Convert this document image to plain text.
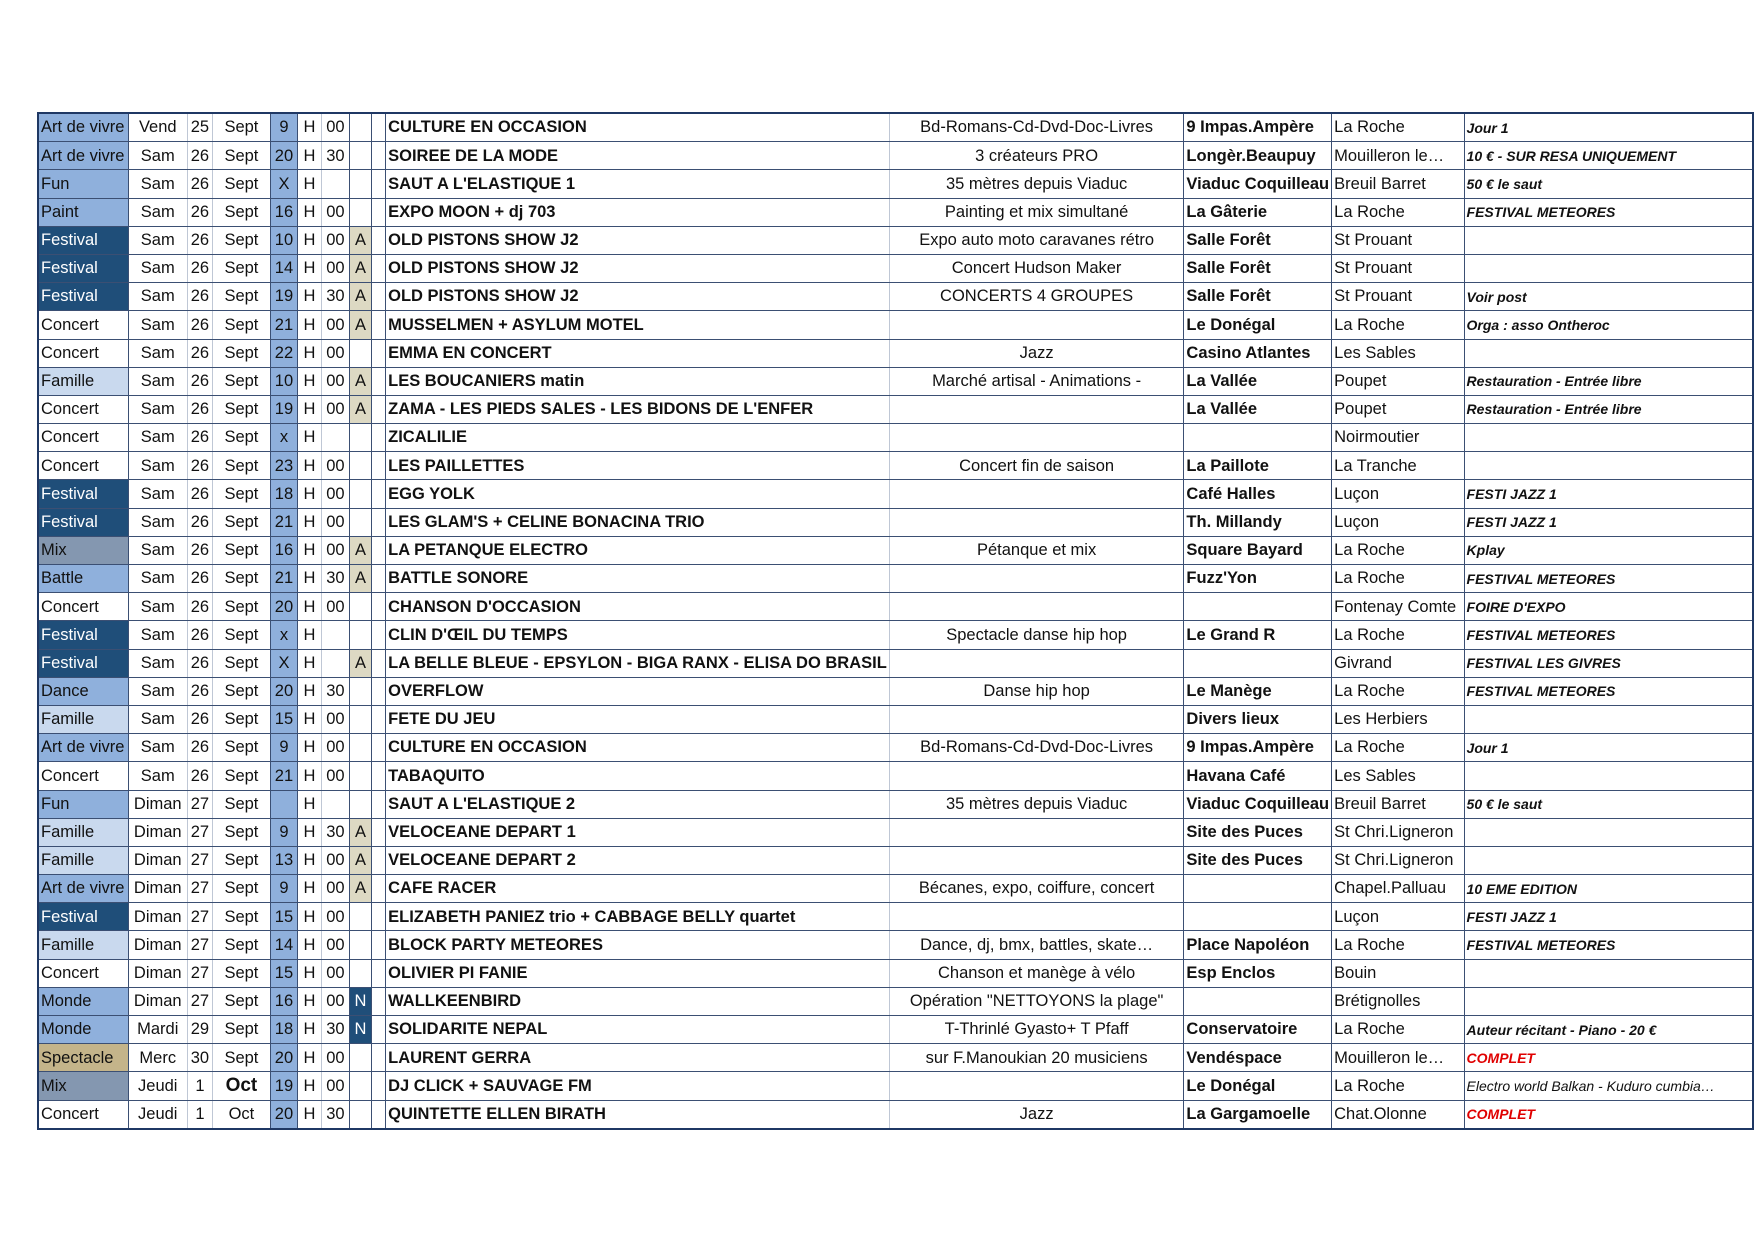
Art de vivre	Vend	25	Sept	9	H	00			CULTURE EN OCCASION	Bd-Romans-Cd-Dvd-Doc-Livres	9 Impas.Ampère	La Roche	Jour 1
Art de vivre	Sam	26	Sept	20	H	30			SOIREE DE LA MODE	3 créateurs PRO	Longèr.Beaupuy	Mouilleron le…	10 € - SUR RESA UNIQUEMENT
Fun	Sam	26	Sept	X	H				SAUT A L'ELASTIQUE 1	35 mètres depuis Viaduc	Viaduc Coquilleau	Breuil Barret	50 € le saut
Paint	Sam	26	Sept	16	H	00			EXPO MOON + dj 703	Painting et mix simultané	La Gâterie	La Roche	FESTIVAL METEORES
Festival	Sam	26	Sept	10	H	00	A		OLD PISTONS SHOW J2	Expo auto moto caravanes rétro	Salle Forêt	St Prouant	
Festival	Sam	26	Sept	14	H	00	A		OLD PISTONS SHOW J2	Concert Hudson Maker	Salle Forêt	St Prouant	
Festival	Sam	26	Sept	19	H	30	A		OLD PISTONS SHOW J2	CONCERTS 4 GROUPES	Salle Forêt	St Prouant	Voir post
Concert	Sam	26	Sept	21	H	00	A		MUSSELMEN + ASYLUM MOTEL		Le Donégal	La Roche	Orga : asso Ontheroc
Concert	Sam	26	Sept	22	H	00			EMMA EN CONCERT	Jazz	Casino Atlantes	Les Sables	
Famille	Sam	26	Sept	10	H	00	A		LES BOUCANIERS matin	Marché artisal - Animations -	La Vallée	Poupet	Restauration - Entrée libre
Concert	Sam	26	Sept	19	H	00	A		ZAMA - LES PIEDS SALES - LES BIDONS DE L'ENFER		La Vallée	Poupet	Restauration - Entrée libre
Concert	Sam	26	Sept	x	H				ZICALILIE			Noirmoutier	
Concert	Sam	26	Sept	23	H	00			LES PAILLETTES	Concert fin de saison	La Paillote	La Tranche	
Festival	Sam	26	Sept	18	H	00			EGG YOLK		Café Halles	Luçon	FESTI JAZZ 1
Festival	Sam	26	Sept	21	H	00			LES GLAM'S + CELINE BONACINA TRIO		Th. Millandy	Luçon	FESTI JAZZ 1
Mix	Sam	26	Sept	16	H	00	A		LA PETANQUE ELECTRO	Pétanque et mix	Square Bayard	La Roche	Kplay
Battle	Sam	26	Sept	21	H	30	A		BATTLE SONORE		Fuzz'Yon	La Roche	FESTIVAL METEORES
Concert	Sam	26	Sept	20	H	00			CHANSON D'OCCASION			Fontenay Comte	FOIRE D'EXPO
Festival	Sam	26	Sept	x	H				CLIN D'ŒIL DU TEMPS	Spectacle danse hip hop	Le Grand R	La Roche	FESTIVAL METEORES
Festival	Sam	26	Sept	X	H		A		LA BELLE BLEUE - EPSYLON - BIGA RANX - ELISA DO BRASIL			Givrand	FESTIVAL LES GIVRES
Dance	Sam	26	Sept	20	H	30			OVERFLOW	Danse hip hop	Le Manège	La Roche	FESTIVAL METEORES
Famille	Sam	26	Sept	15	H	00			FETE DU JEU		Divers lieux	Les Herbiers	
Art de vivre	Sam	26	Sept	9	H	00			CULTURE EN OCCASION	Bd-Romans-Cd-Dvd-Doc-Livres	9 Impas.Ampère	La Roche	Jour 1
Concert	Sam	26	Sept	21	H	00			TABAQUITO		Havana Café	Les Sables	
Fun	Diman	27	Sept		H				SAUT A L'ELASTIQUE 2	35 mètres depuis Viaduc	Viaduc Coquilleau	Breuil Barret	50 € le saut
Famille	Diman	27	Sept	9	H	30	A		VELOCEANE DEPART 1		Site des Puces	St Chri.Ligneron	
Famille	Diman	27	Sept	13	H	00	A		VELOCEANE DEPART 2		Site des Puces	St Chri.Ligneron	
Art de vivre	Diman	27	Sept	9	H	00	A		CAFE RACER	Bécanes, expo, coiffure, concert		Chapel.Palluau	10 EME EDITION
Festival	Diman	27	Sept	15	H	00			ELIZABETH PANIEZ trio + CABBAGE BELLY quartet			Luçon	FESTI JAZZ 1
Famille	Diman	27	Sept	14	H	00			BLOCK PARTY METEORES	Dance, dj, bmx, battles, skate…	Place Napoléon	La Roche	FESTIVAL METEORES
Concert	Diman	27	Sept	15	H	00			OLIVIER PI FANIE	Chanson et manège à vélo	Esp Enclos	Bouin	
Monde	Diman	27	Sept	16	H	00	N		WALLKEENBIRD	Opération "NETTOYONS la plage"		Brétignolles	
Monde	Mardi	29	Sept	18	H	30	N		SOLIDARITE NEPAL	T-Thrinlé Gyasto+ T Pfaff	Conservatoire	La Roche	Auteur récitant - Piano - 20 €
Spectacle	Merc	30	Sept	20	H	00			LAURENT GERRA	sur F.Manoukian 20 musiciens	Vendéspace	Mouilleron le…	COMPLET
Mix	Jeudi	1	Oct	19	H	00			DJ CLICK + SAUVAGE FM		Le Donégal	La Roche	Electro world Balkan - Kuduro cumbia…
Concert	Jeudi	1	Oct	20	H	30			QUINTETTE ELLEN BIRATH	Jazz	La Gargamoelle	Chat.Olonne	COMPLET
